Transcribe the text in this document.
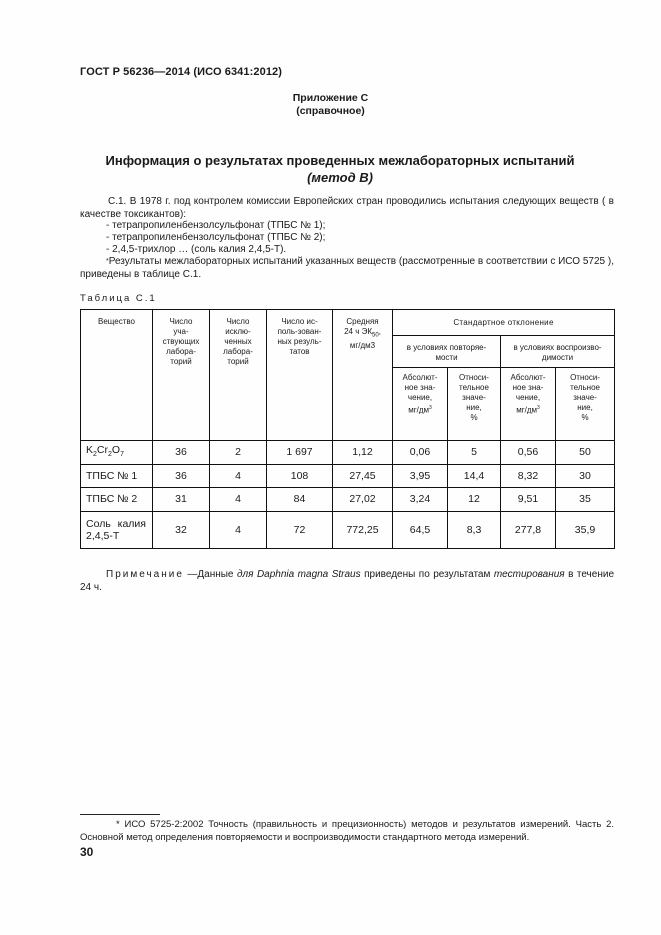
ГОСТ Р 56236—2014 (ИСО 6341:2012)
Приложение С
(справочное)
Информация о результатах проведенных межлабораторных испытаний
(метод В)
С.1. В 1978 г. под контролем комиссии Европейских стран проводились испытания следующих веществ ( в качестве токсикантов):
- тетрапропиленбензолсульфонат (ТПБС № 1);
- тетрапропиленбензолсульфонат (ТПБС № 2);
- 2,4,5-трихлор … (соль калия 2,4,5-Т).
*Результаты межлабораторных испытаний указанных веществ (рассмотренные в соответствии с ИСО 5725 ), приведены в таблице С.1.
Таблица С.1
Вещество	Число
уча-
ствующих
лабора-
торий	Число
исклю-
ченных
лабора-
торий	Число ис-
поль-зован-
ных резуль-
татов	Средняя
24 ч $ЭК_{50}$,
мг/дм3	Стандартное отклонение			
					в условиях повторяе-
мости		в условиях воспроизво-
димости	
					Абсолют-
ное зна-
чение,
$мг/дм^3$	Относи-
тельное
значе-
ние,
%	Абсолют-
ное зна-
чение,
$мг/дм^3$	Относи-
тельное
значе-
ние,
%
$K_2Cr_2O_7$	36	2	1 697	1,12	0,06	5	0,56	50
ТПБС № 1	36	4	108	27,45	3,95	14,4	8,32	30
ТПБС № 2	31	4	84	27,02	3,24	12	9,51	35

Соль калия
2,4,5-Т	32	4	72	772,25	64,5	8,3	277,8	35,9
Примечание —Данные для Daphnia magna Straus приведены по результатам тестирования в течение 24 ч.
* ИСО 5725-2:2002 Точность (правильность и прецизионность) методов и результатов измерений. Часть 2. Основной метод определения повторяемости и воспроизводимости стандартного метода измерений.
30
